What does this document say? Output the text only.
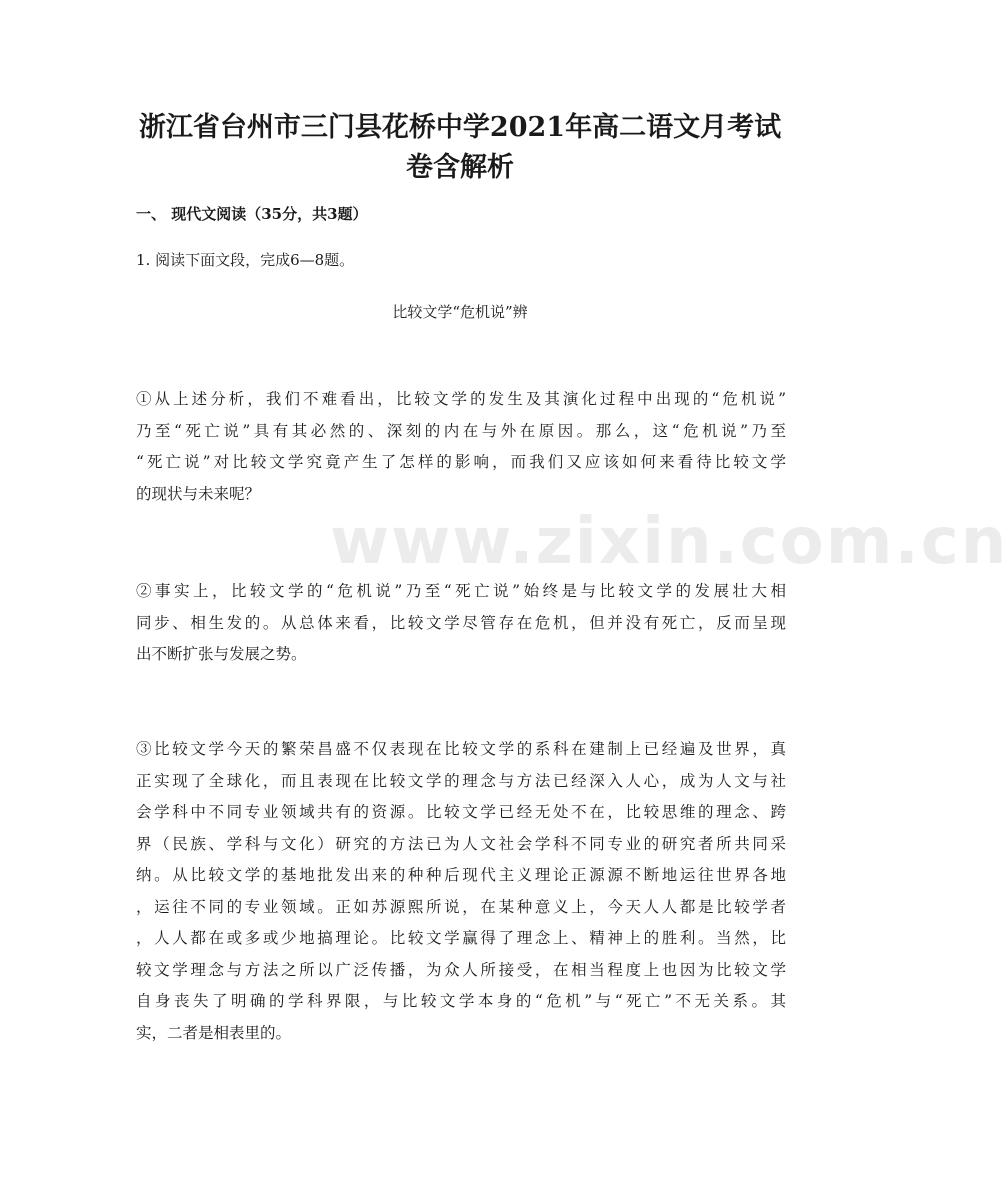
浙江省台州市三门县花桥中学2021年高二语文月考试
卷含解析

一、 现代文阅读（35分，共3题）

1. 阅读下面文段，完成6—8题。

比较文学“危机说”辨

www.zixin.com.cn

①从上述分析，我们不难看出，比较文学的发生及其演化过程中出现的“危机说”
乃至“死亡说”具有其必然的、深刻的内在与外在原因。那么，这“危机说”乃至
“死亡说”对比较文学究竟产生了怎样的影响，而我们又应该如何来看待比较文学
的现状与未来呢？

②事实上，比较文学的“危机说”乃至“死亡说”始终是与比较文学的发展壮大相
同步、相生发的。从总体来看，比较文学尽管存在危机，但并没有死亡，反而呈现
出不断扩张与发展之势。

③比较文学今天的繁荣昌盛不仅表现在比较文学的系科在建制上已经遍及世界，真
正实现了全球化，而且表现在比较文学的理念与方法已经深入人心，成为人文与社
会学科中不同专业领域共有的资源。比较文学已经无处不在，比较思维的理念、跨
界（民族、学科与文化）研究的方法已为人文社会学科不同专业的研究者所共同采
纳。从比较文学的基地批发出来的种种后现代主义理论正源源不断地运往世界各地
，运往不同的专业领域。正如苏源熙所说，在某种意义上，今天人人都是比较学者
，人人都在或多或少地搞理论。比较文学赢得了理念上、精神上的胜利。当然，比
较文学理念与方法之所以广泛传播，为众人所接受，在相当程度上也因为比较文学
自身丧失了明确的学科界限，与比较文学本身的“危机”与“死亡”不无关系。其
实，二者是相表里的。
